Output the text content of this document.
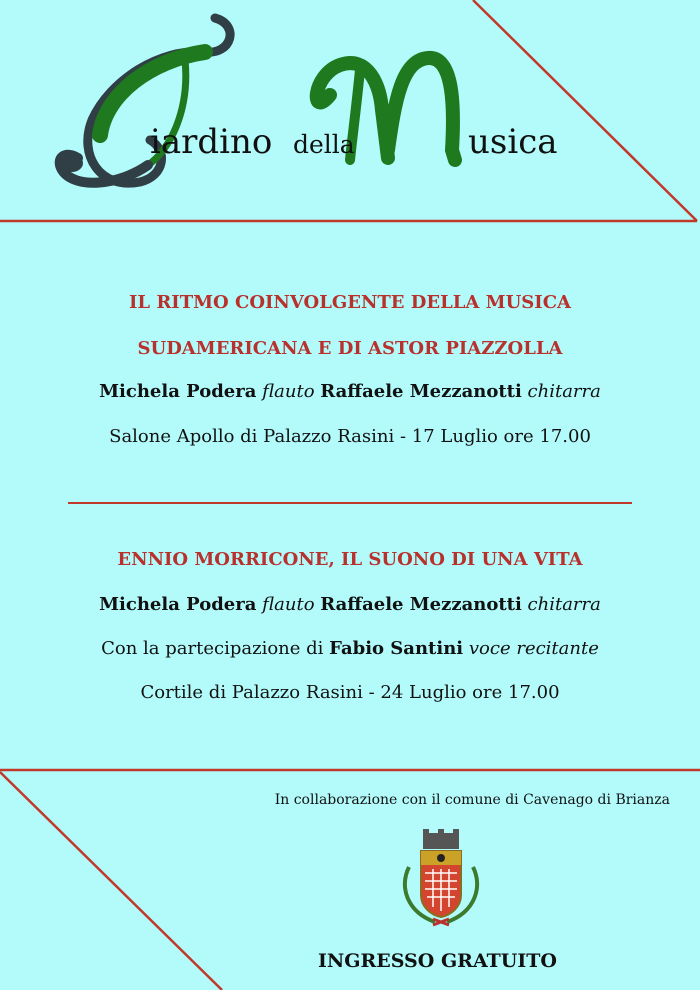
iardino della	usica
IL RITMO COINVOLGENTE DELLA MUSICA
SUDAMERICANA E DI ASTOR PIAZZOLLA
Michela Podera flauto Raffaele Mezzanotti chitarra
Salone Apollo di Palazzo Rasini - 17 Luglio ore 17.00
ENNIO MORRICONE, IL SUONO DI UNA VITA
Michela Podera flauto Raffaele Mezzanotti chitarra
Con la partecipazione di Fabio Santini voce recitante
Cortile di Palazzo Rasini - 24 Luglio ore 17.00
In collaborazione con il comune di Cavenago di Brianza
INGRESSO GRATUITO
